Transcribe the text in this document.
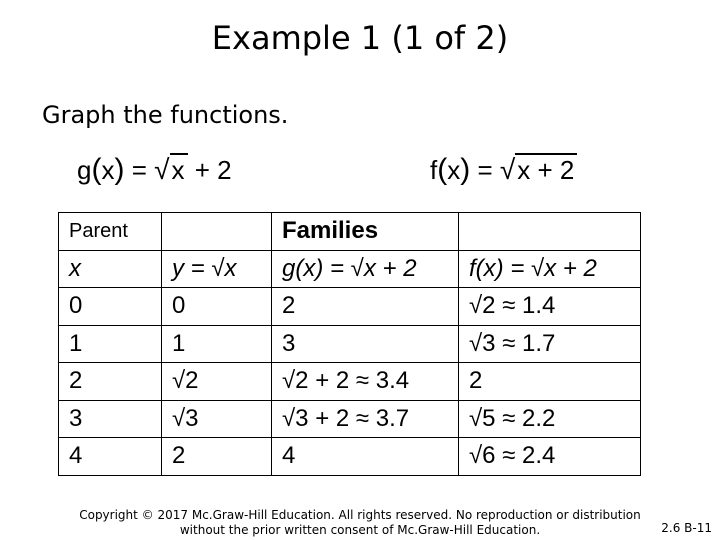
Example 1 (1 of 2)
Graph the functions.
g(x) = √x + 2	f(x) = √x + 2
Parent		Families	
x	y = √x	g(x) = √x + 2	f(x) = √x + 2
0	0	2	√2 ≈ 1.4
1	1	3	√3 ≈ 1.7
2	√2	√2 + 2 ≈ 3.4	2
3	√3	√3 + 2 ≈ 3.7	√5 ≈ 2.2
4	2	4	√6 ≈ 2.4
Copyright © 2017 Mc.Graw-Hill Education. All rights reserved. No reproduction or distribution
without the prior written consent of Mc.Graw-Hill Education.	2.6 B-11
